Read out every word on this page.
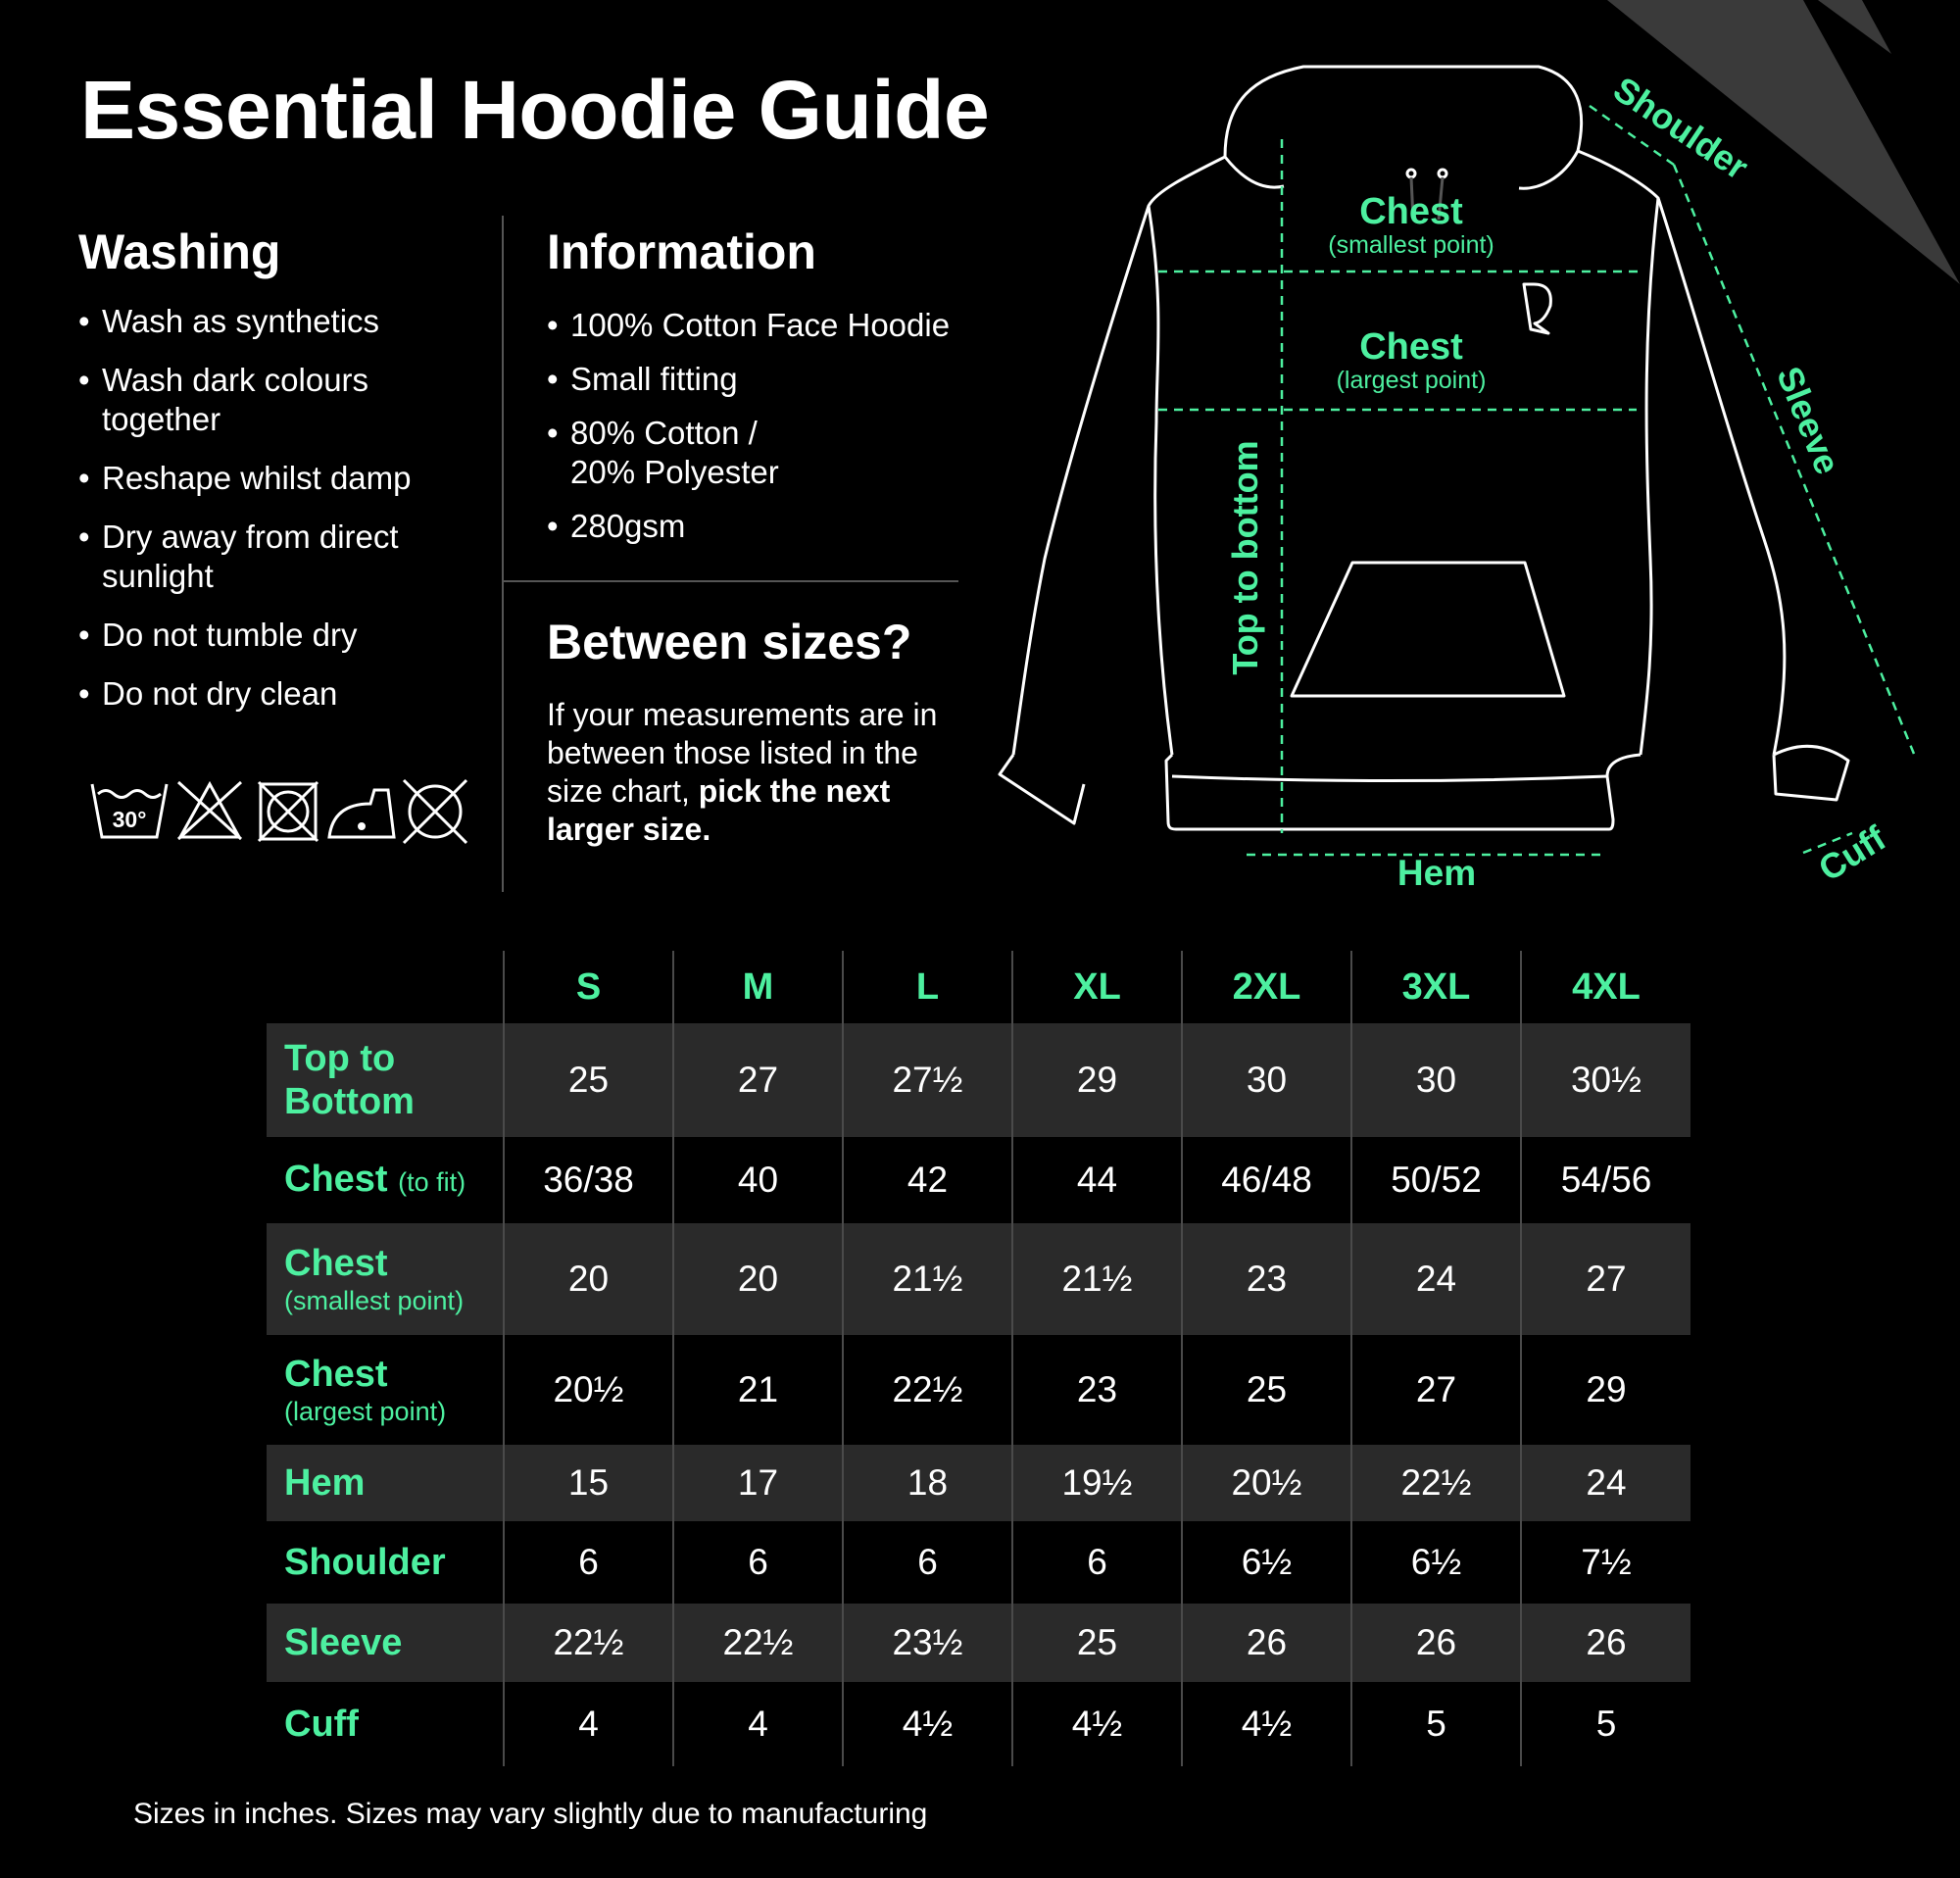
Essential Hoodie Guide
Washing
• Wash as synthetics
• Wash dark colours together
• Reshape whilst damp
• Dry away from direct sunlight
• Do not tumble dry
• Do not dry clean
30°
Information
• 100% Cotton Face Hoodie
• Small fitting
• 80% Cotton / 20% Polyester
• 280gsm
Between sizes?

If your measurements are in between those listed in the size chart, pick the next larger size.

Chest
(smallest point)
Chest
(largest point)
Top to bottom
Hem
Shoulder
Sleeve
Cuff
	S	M	L	XL	2XL	3XL	4XL

Top to Bottom	25	27	27½	29	30	30	30½
Chest (to fit)	36/38	40	42	44	46/48	50/52	54/56
Chest
(smallest point)	20	20	21½	21½	23	24	27
Chest
(largest point)	20½	21	22½	23	25	27	29
Hem	15	17	18	19½	20½	22½	24
Shoulder	6	6	6	6	6½	6½	7½
Sleeve	22½	22½	23½	25	26	26	26
Cuff	4	4	4½	4½	4½	5	5
Sizes in inches. Sizes may vary slightly due to manufacturing
